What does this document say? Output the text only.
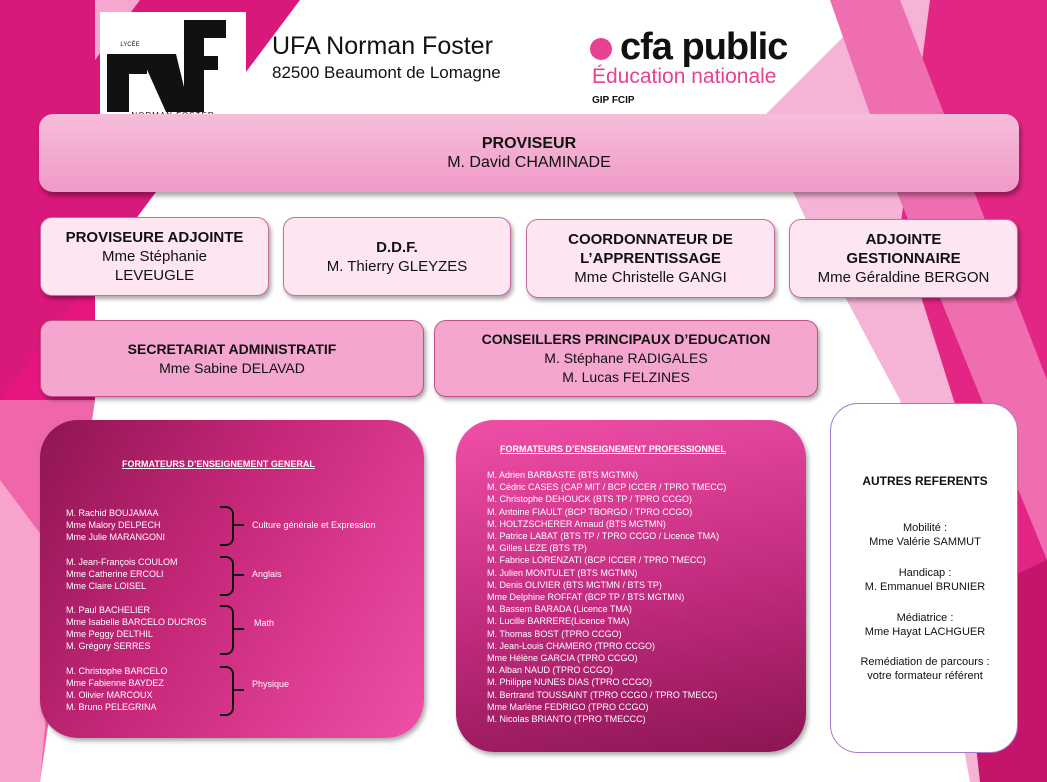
LYCÉE	UFA Norman Foster
82500 Beaumont de Lomagne
cfa public
Éducation nationale
GIP FCIP
PROVISEUR
M. David CHAMINADE
PROVISEURE ADJOINTE
Mme Stéphanie
LEVEUGLE
D.D.F.
M. Thierry GLEYZES
COORDONNATEUR DE
L’APPRENTISSAGE
Mme Christelle GANGI
ADJOINTE
GESTIONNAIRE
Mme Géraldine BERGON
SECRETARIAT ADMINISTRATIF
Mme Sabine DELAVAD
CONSEILLERS PRINCIPAUX D’EDUCATION
M. Stéphane RADIGALES
M. Lucas FELZINES
FORMATEURS D’ENSEIGNEMENT GENERAL
M. Rachid BOUJAMAA
Mme Malory DELPECH
Mme Julie MARANGONI
Culture générale et Expression
M. Jean-François COULOM
Mme Catherine ERCOLI
Mme Claire LOISEL
Anglais
M. Paul BACHELIER
Mme Isabelle BARCELO DUCROS
Mme Peggy DELTHIL
M. Grégory SERRES
Math
M. Christophe BARCELO
Mme Fabienne BAYDEZ
M. Olivier MARCOUX
M. Bruno PELEGRINA
Physique
FORMATEURS D’ENSEIGNEMENT PROFESSIONNEL
M. Adrien BARBASTE (BTS MGTMN)
M. Cédric CASES (CAP MIT / BCP ICCER / TPRO TMECC)
M. Christophe DEHOUCK (BTS TP / TPRO CCGO)
M. Antoine FIAULT (BCP TBORGO / TPRO CCGO)
M. HOLTZSCHERER Arnaud (BTS MGTMN)
M. Patrice LABAT (BTS TP / TPRO CCGO / Licence TMA)
M. Gilles LEZE (BTS TP)
M. Fabrice LORENZATI (BCP ICCER / TPRO TMECC)
M. Julien MONTULET (BTS MGTMN)
M. Denis OLIVIER (BTS MGTMN / BTS TP)
Mme Delphine ROFFAT (BCP TP / BTS MGTMN)
M. Bassem BARADA (Licence TMA)
M. Lucille BARRERE(Licence TMA)
M. Thomas BOST (TPRO CCGO)
M. Jean-Louis CHAMERO (TPRO CCGO)
Mme Hélène GARCIA (TPRO CCGO)
M. Alban NAUD (TPRO CCGO)
M. Philippe NUNES DIAS (TPRO CCGO)
M. Bertrand TOUSSAINT (TPRO CCGO / TPRO TMECC)
Mme Marlène FEDRIGO (TPRO CCGO)
M. Nicolas BRIANTO (TPRO TMECCC)
AUTRES REFERENTS
Mobilité :
Mme Valérie SAMMUT
Handicap :
M. Emmanuel BRUNIER
Médiatrice :
Mme Hayat LACHGUER
Remédiation de parcours :
votre formateur référent
